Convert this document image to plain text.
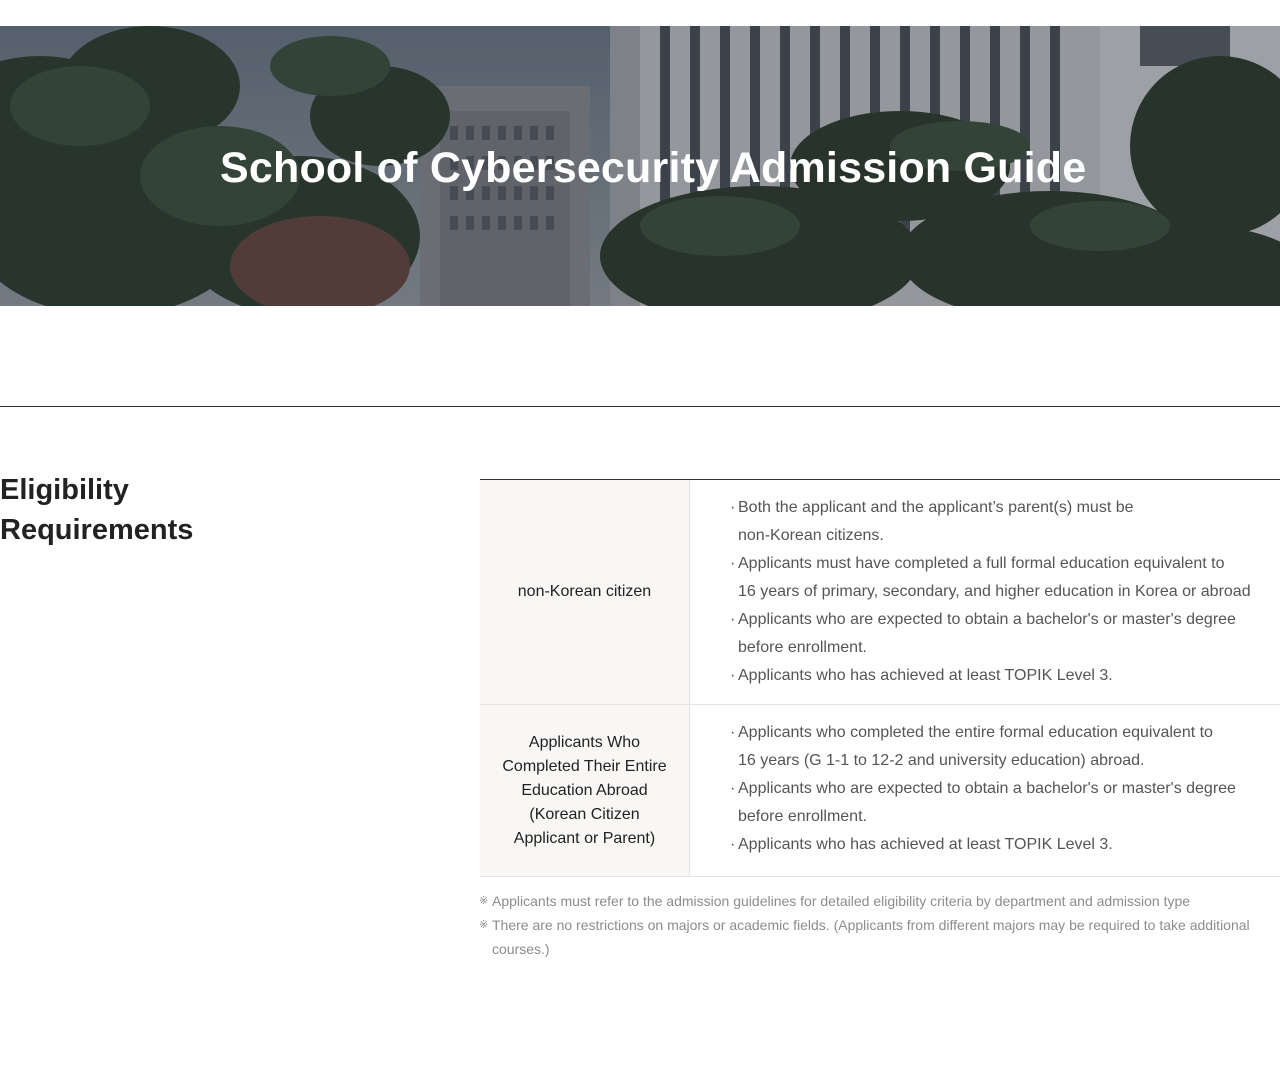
School of Cybersecurity Admission Guide
Eligibility Requirements
non-Korean citizen
· Both the applicant and the applicant’s parent(s) must be
non-Korean citizens.
· Applicants must have completed a full formal education equivalent to
16 years of primary, secondary, and higher education in Korea or abroad
· Applicants who are expected to obtain a bachelor's or master's degree
before enrollment.
· Applicants who has achieved at least TOPIK Level 3.
Applicants Who Completed Their Entire Education Abroad (Korean Citizen Applicant or Parent)
· Applicants who completed the entire formal education equivalent to
16 years (G 1-1 to 12-2 and university education) abroad.
· Applicants who are expected to obtain a bachelor's or master's degree
before enrollment.
· Applicants who has achieved at least TOPIK Level 3.
※ Applicants must refer to the admission guidelines for detailed eligibility criteria by department and admission type
※ There are no restrictions on majors or academic fields. (Applicants from different majors may be required to take additional courses.)
